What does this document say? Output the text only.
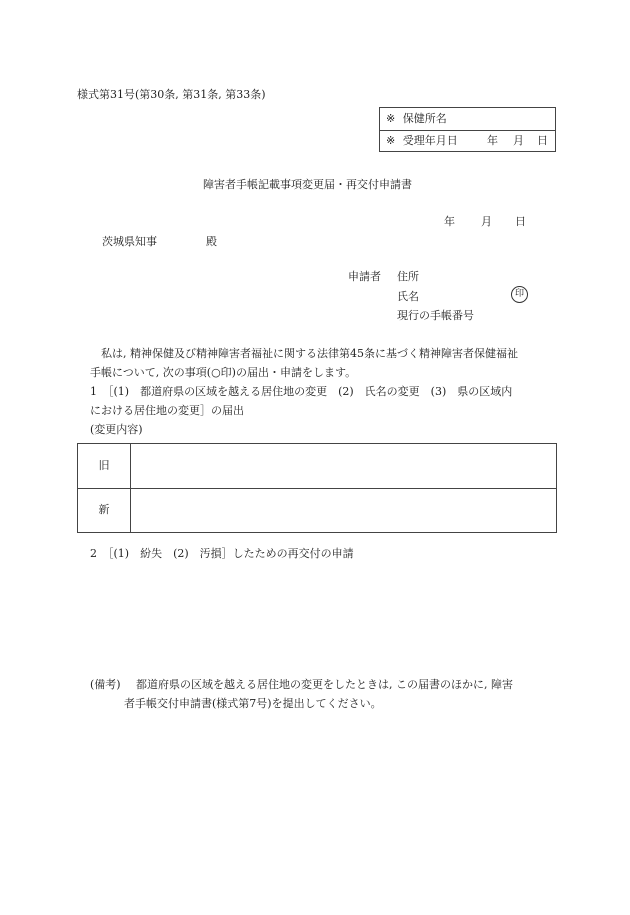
様式第31号(第30条, 第31条, 第33条)
※ 保健所名
※ 受理年月日	年 月 日
障害者手帳記載事項変更届・再交付申請書
年 月 日
茨城県知事	殿
申請者 住所
氏名	印
現行の手帳番号
私は, 精神保健及び精神障害者福祉に関する法律第45条に基づく精神障害者保健福祉
手帳について, 次の事項(○印)の届出・申請をします。
1　［(1)　都道府県の区域を越える居住地の変更　(2)　氏名の変更　(3)　県の区域内
における居住地の変更］の届出
(変更内容)
旧
新
2　［(1)　紛失　(2)　汚損］したための再交付の申請
(備考) 都道府県の区域を越える居住地の変更をしたときは, この届書のほかに, 障害
者手帳交付申請書(様式第7号)を提出してください。
